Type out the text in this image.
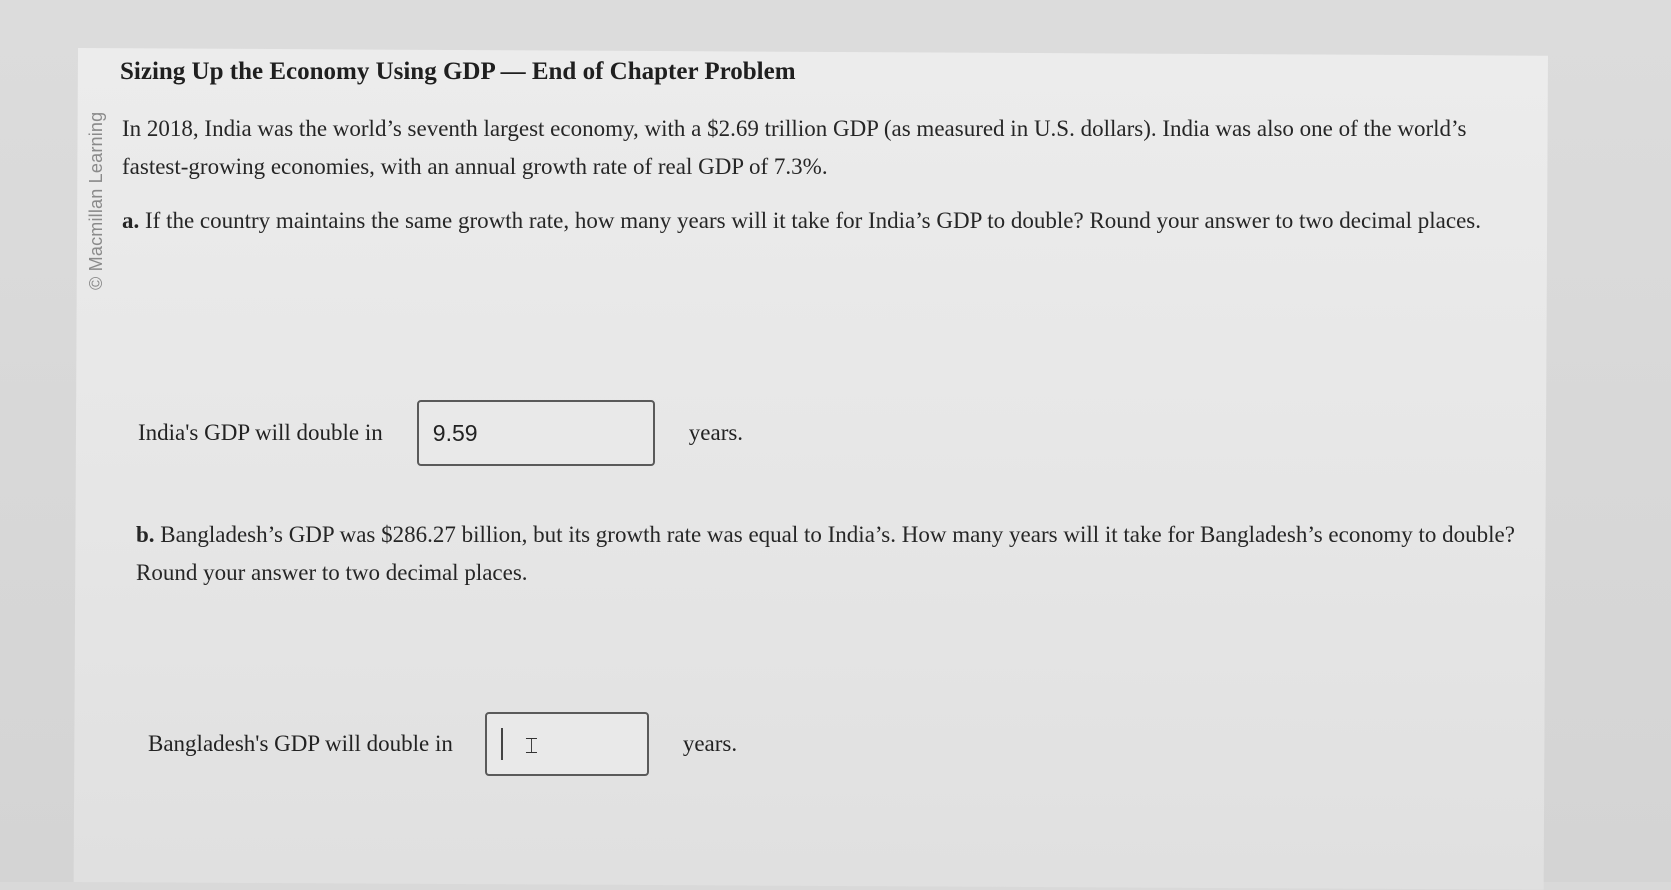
© Macmillan Learning
Sizing Up the Economy Using GDP — End of Chapter Problem
In 2018, India was the world’s seventh largest economy, with a $2.69 trillion GDP (as measured in U.S. dollars). India was also one of the world’s fastest-growing economies, with an annual growth rate of real GDP of 7.3%.
a. If the country maintains the same growth rate, how many years will it take for India’s GDP to double? Round your answer to two decimal places.
India's GDP will double in 9.59	years.
b. Bangladesh’s GDP was $286.27 billion, but its growth rate was equal to India’s. How many years will it take for Bangladesh’s economy to double? Round your answer to two decimal places.
Bangladesh's GDP will double in	⌶	years.
